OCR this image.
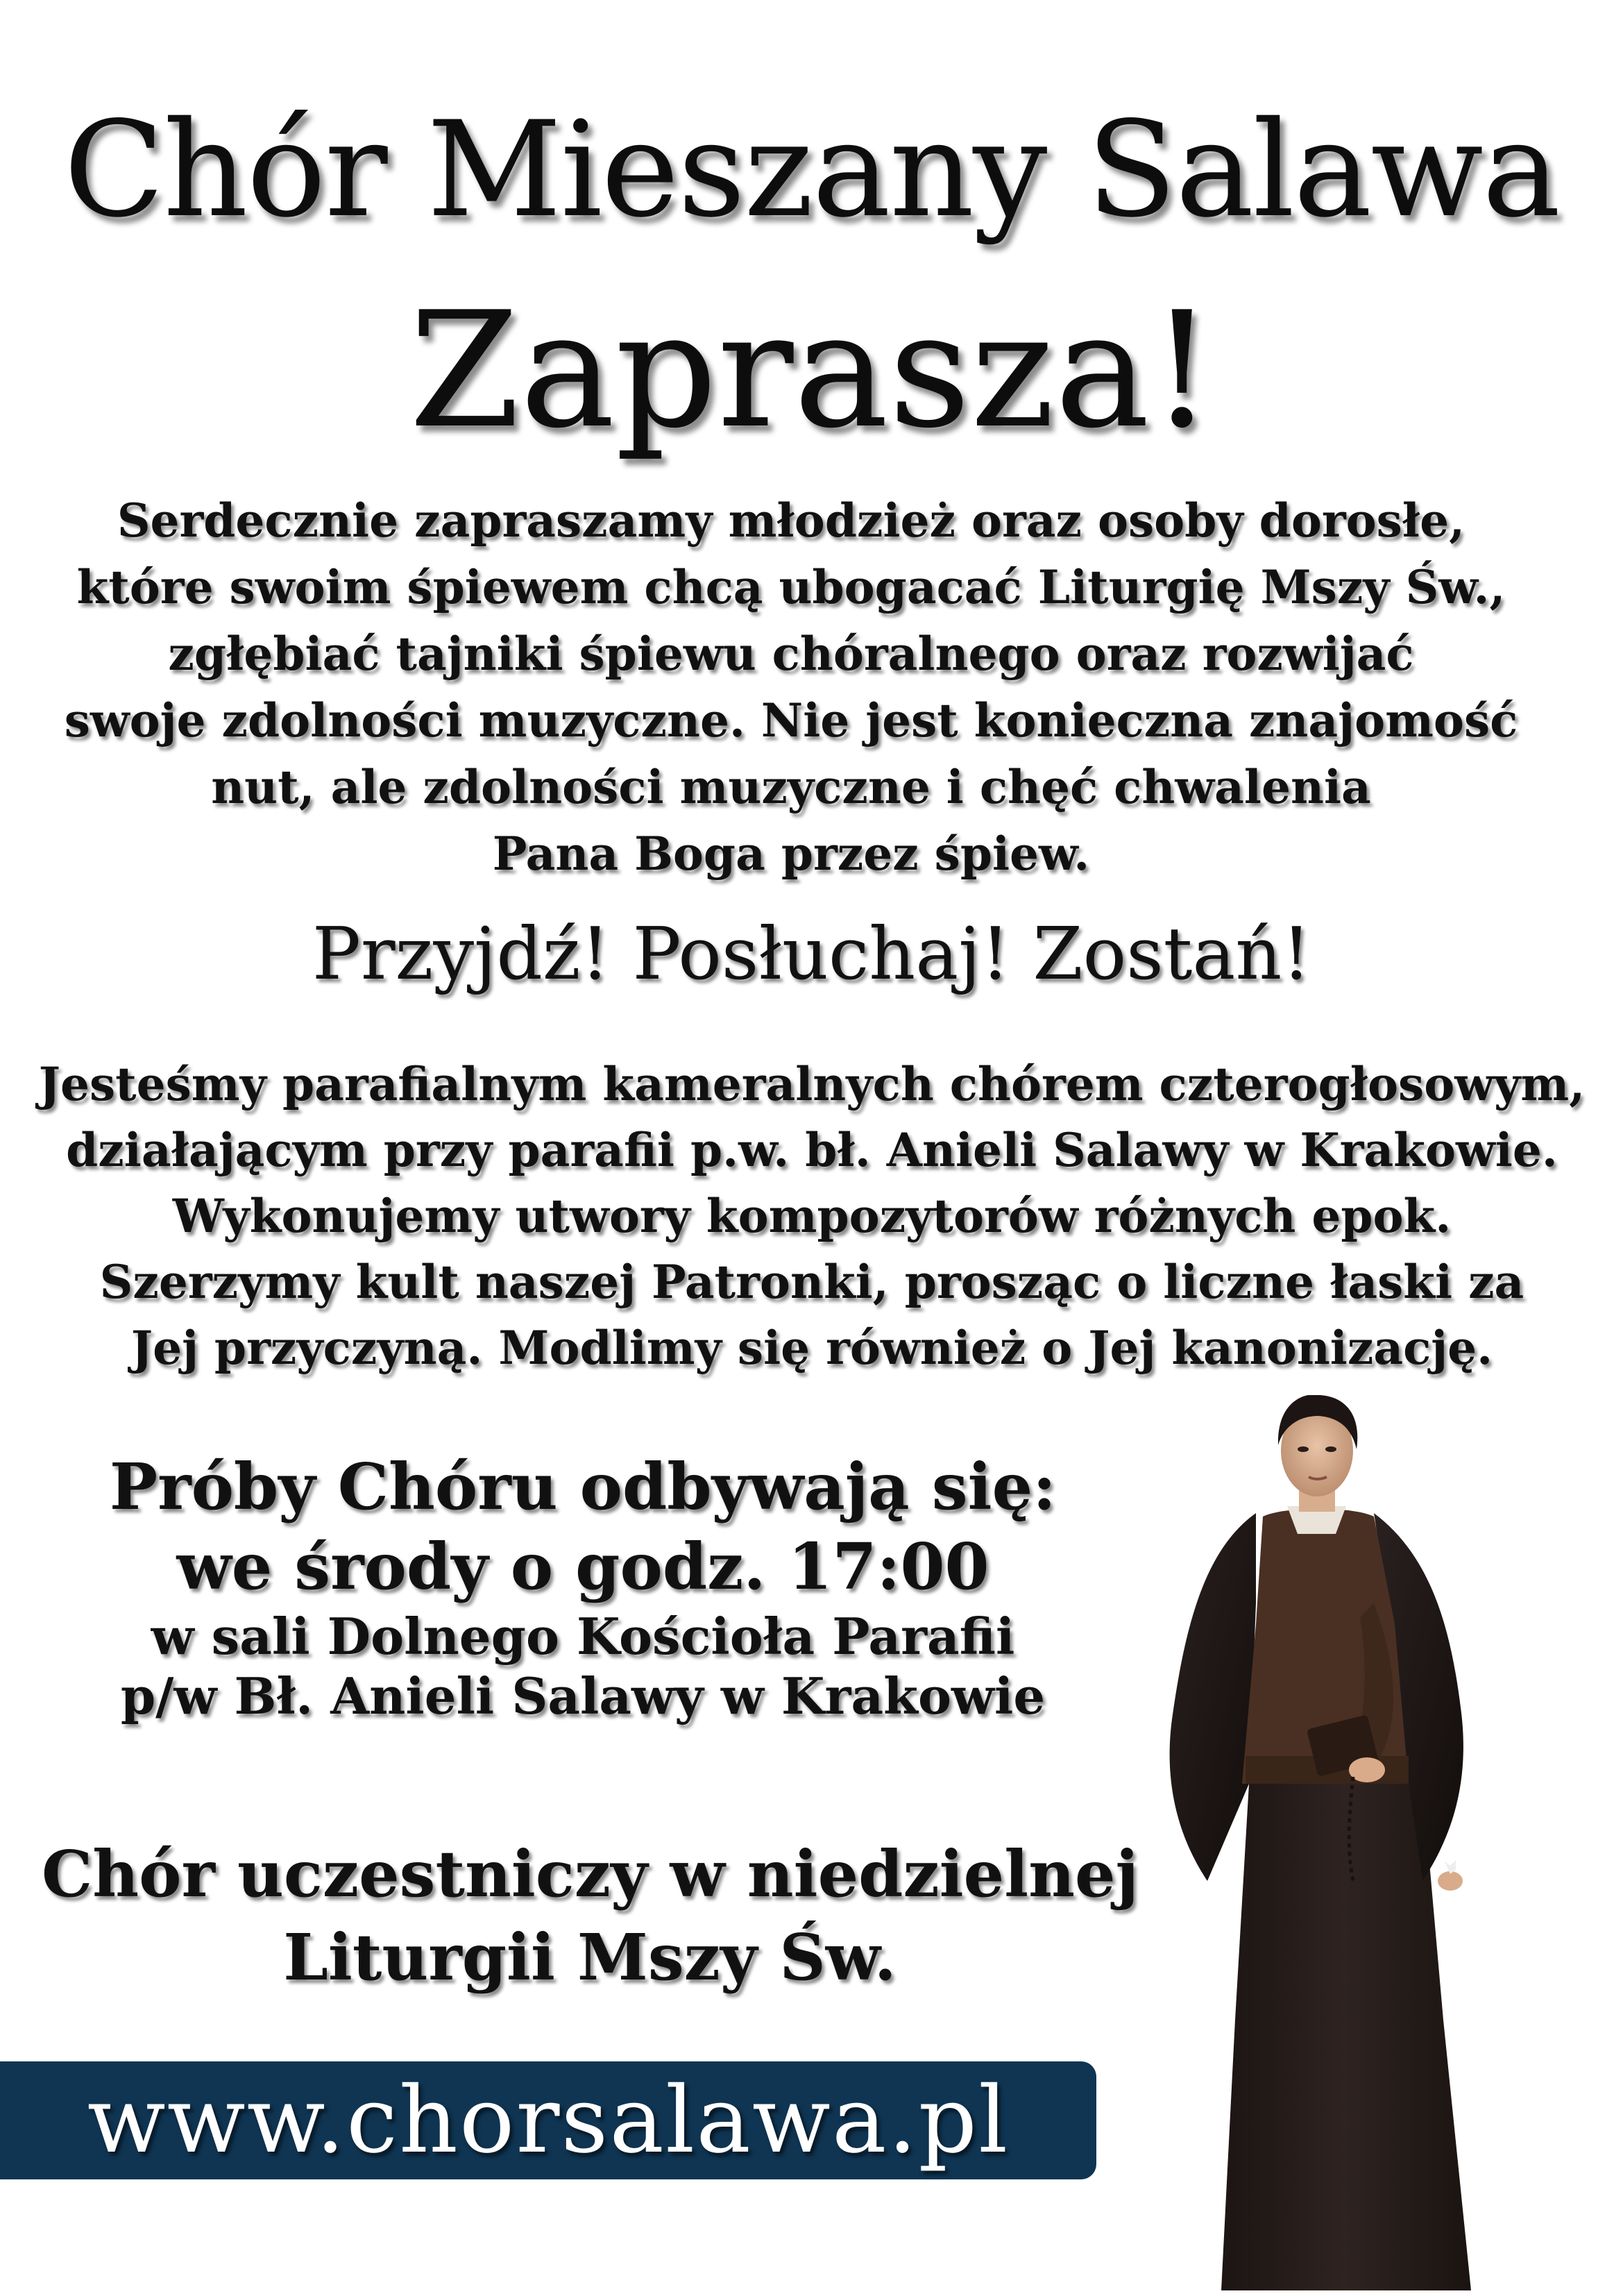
Chór Mieszany Salawa
Zaprasza!
Serdecznie zapraszamy młodzież oraz osoby dorosłe,
które swoim śpiewem chcą ubogacać Liturgię Mszy Św.,
zgłębiać tajniki śpiewu chóralnego oraz rozwijać
swoje zdolności muzyczne. Nie jest konieczna znajomość
nut, ale zdolności muzyczne i chęć chwalenia
Pana Boga przez śpiew.
Przyjdź! Posłuchaj! Zostań!
Jesteśmy parafialnym kameralnych chórem czterogłosowym,
działającym przy parafii p.w. bł. Anieli Salawy w Krakowie.
Wykonujemy utwory kompozytorów różnych epok.
Szerzymy kult naszej Patronki, prosząc o liczne łaski za
Jej przyczyną. Modlimy się również o Jej kanonizację.
Próby Chóru odbywają się:
we środy o godz. 17:00
w sali Dolnego Kościoła Parafii
p/w Bł. Anieli Salawy w Krakowie
Chór uczestniczy w niedzielnej
Liturgii Mszy Św.
www.chorsalawa.pl
